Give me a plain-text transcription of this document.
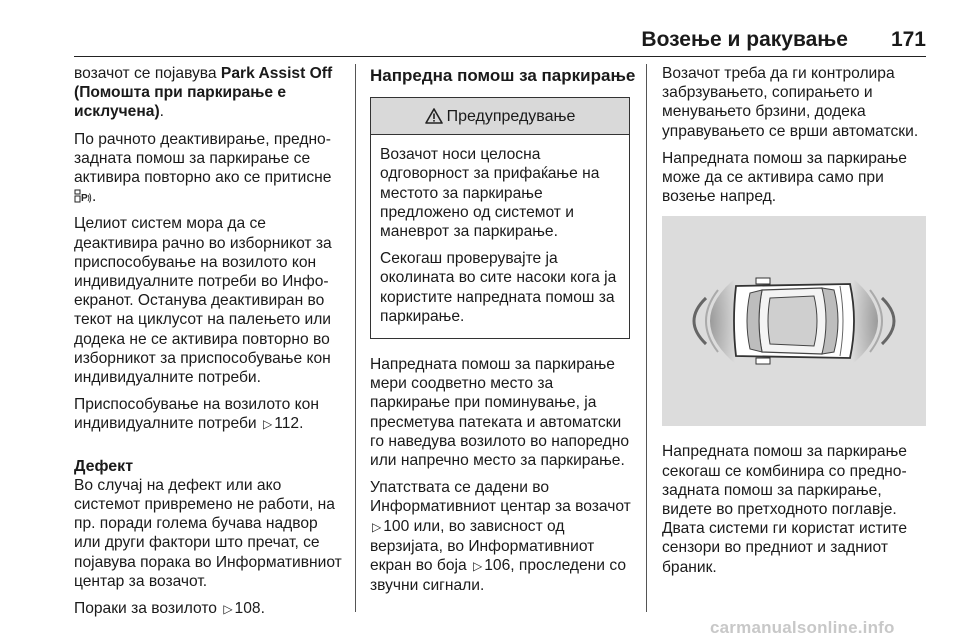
Возење и ракување 171

возачот се појавува Park Assist Off (Помошта при паркирање е исклучена).

По рачното деактивирање, предно-задната помош за паркирање се активира повторно ако се притисне
P .

Целиот систем мора да се деактивира рачно во изборникот за приспособување на возилото кон индивидуалните потреби во Инфо-екранот. Останува деактивиран во текот на циклусот на палењето или додека не се активира повторно во изборникот за приспособување кон индивидуалните потреби.

Приспособување на возилото кон индивидуалните потреби ▷ 112.

Дефект

Во случај на дефект или ако системот привремено не работи, на пр. поради голема бучава надвор или други фактори што пречат, се појавува порака во Информативниот центар за возачот.

Пораки за возилото ▷ 108.

Напредна помош за паркирање
Предупредување

Возачот носи целосна одговорност за прифаќање на местото за паркирање предложено од системот и маневрот за паркирање.

Секогаш проверувајте ја околината во сите насоки кога ја користите напредната помош за паркирање.

Напредната помош за паркирање мери соодветно место за паркирање при поминување, ја пресметува патеката и автоматски го наведува возилото во напоредно или напречно место за паркирање.

Упатствата се дадени во Информативниот центар за возачот ▷ 100 или, во зависност од верзијата, во Информативниот екран во боја ▷ 106, проследени со звучни сигнали.

Возачот треба да ги контролира забрзувањето, сопирањето и менувањето брзини, додека управувањето се врши автоматски.

Напредната помош за паркирање може да се активира само при возење напред.

Напредната помош за паркирање секогаш се комбинира со предно-задната помош за паркирање, видете во претходното поглавје. Двата системи ги користат истите сензори во предниот и задниот браник.

carmanualsonline.info
